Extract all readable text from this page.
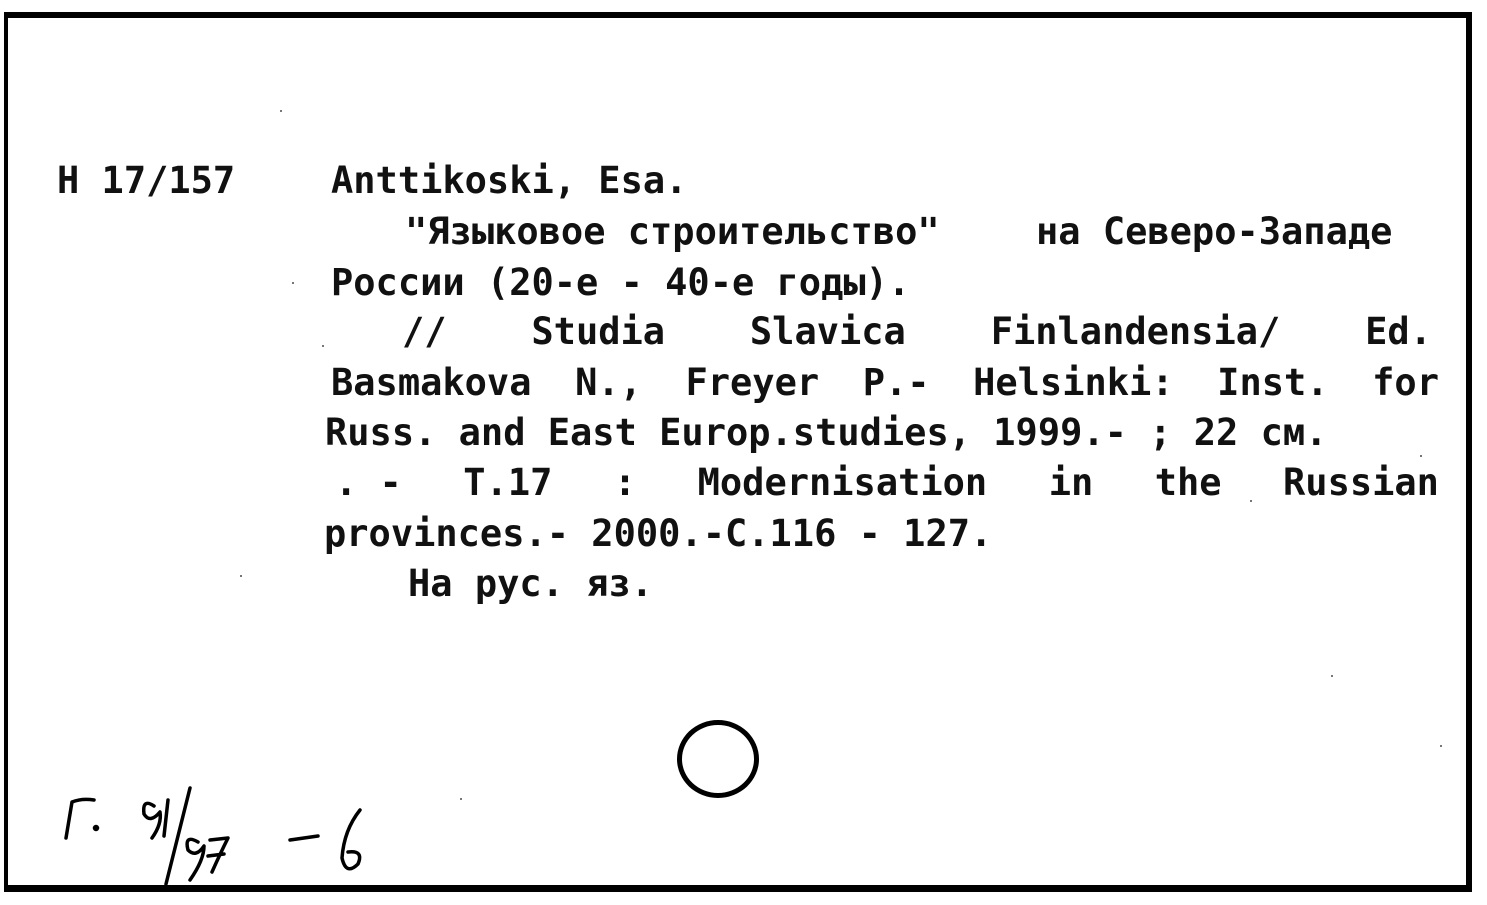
H 17/157	Anttikoski, Esa.
"Языковое строительство"	на Северо-Западе
России (20-е - 40-е годы).
// Studia Slavica Finlandensia/ Ed.
Basmakova N., Freyer P.- Helsinki: Inst. for
Russ. and East Europ.studies, 1999.- ; 22 см.
. - T.17 : Modernisation in the Russian
provinces.- 2000.-C.116 - 127.
На рус. яз.
